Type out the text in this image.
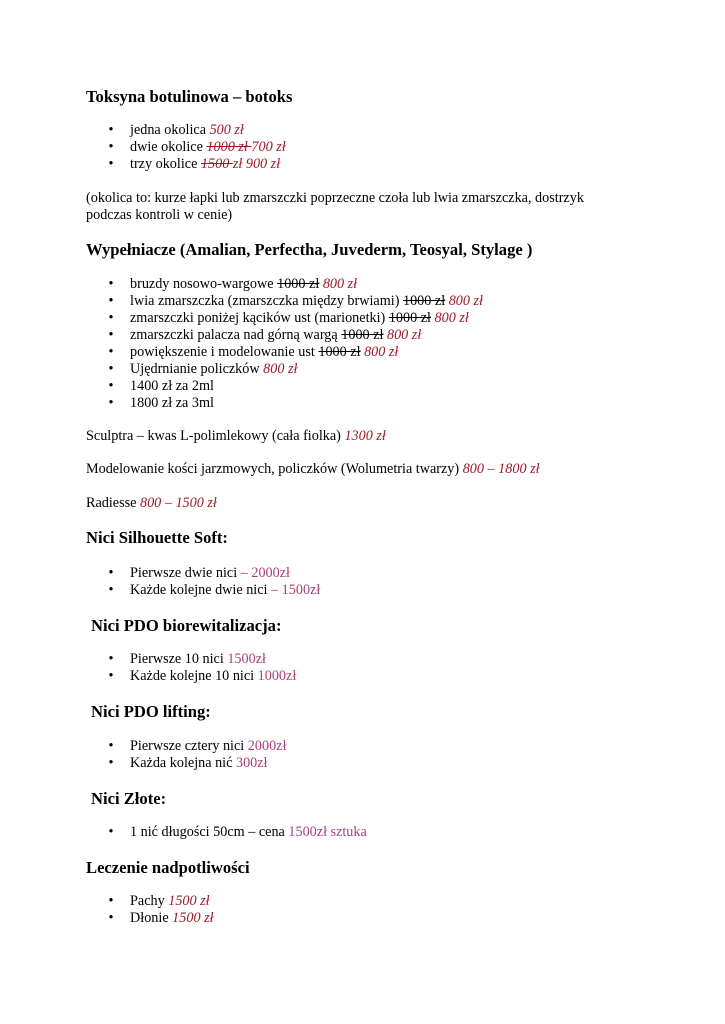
Toksyna botulinowa – botoks
• jedna okolica 500 zł
• dwie okolice 1000 zł 700 zł
• trzy okolice 1500 zł 900 zł

(okolica to: kurze łapki lub zmarszczki poprzeczne czoła lub lwia zmarszczka, dostrzyk

podczas kontroli w cenie)

Wypełniacze (Amalian, Perfectha, Juvederm, Teosyal, Stylage )
• bruzdy nosowo-wargowe 1000 zł 800 zł
• lwia zmarszczka (zmarszczka między brwiami) 1000 zł 800 zł
• zmarszczki poniżej kącików ust (marionetki) 1000 zł 800 zł
• zmarszczki palacza nad górną wargą 1000 zł 800 zł
• powiększenie i modelowanie ust 1000 zł 800 zł
• Ujędrnianie policzków 800 zł
• 1400 zł za 2ml
• 1800 zł za 3ml

Sculptra – kwas L-polimlekowy (cała fiolka) 1300 zł

Modelowanie kości jarzmowych, policzków (Wolumetria twarzy) 800 – 1800 zł

Radiesse 800 – 1500 zł

Nici Silhouette Soft:
• Pierwsze dwie nici – 2000zł
• Każde kolejne dwie nici – 1500zł
Nici PDO biorewitalizacja:
• Pierwsze 10 nici 1500zł
• Każde kolejne 10 nici 1000zł
Nici PDO lifting:
• Pierwsze cztery nici 2000zł
• Każda kolejna nić 300zł
Nici Złote:
• 1 nić długości 50cm – cena 1500zł sztuka
Leczenie nadpotliwości
• Pachy 1500 zł
• Dłonie 1500 zł
